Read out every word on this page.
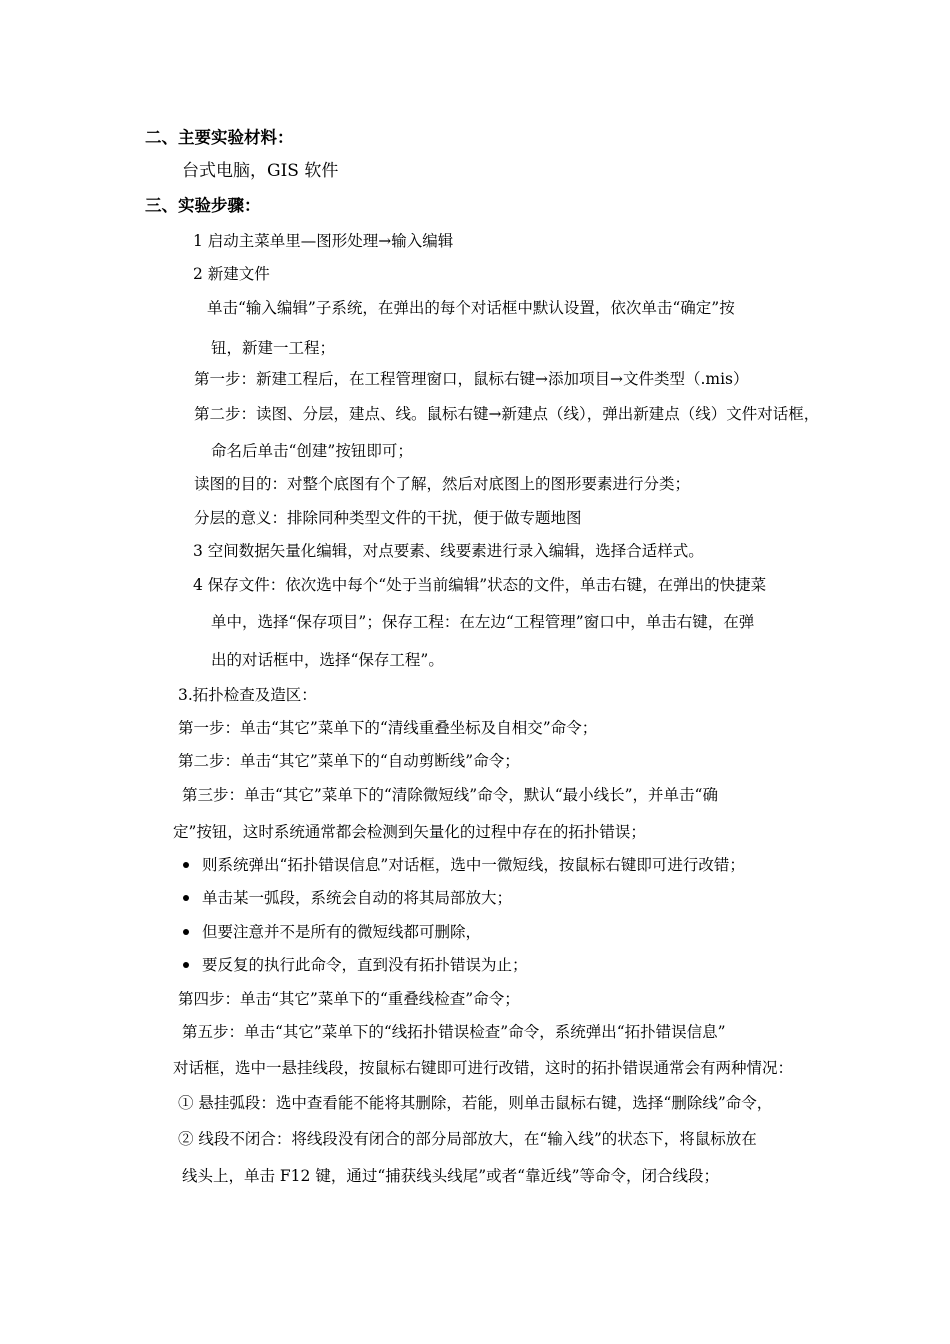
二、主要实验材料：
台式电脑，GIS 软件
三、实验步骤：
1 启动主菜单里—图形处理→输入编辑
2 新建文件
单击“输入编辑”子系统，在弹出的每个对话框中默认设置，依次单击“确定”按
钮，新建一工程；
第一步：新建工程后，在工程管理窗口，鼠标右键→添加项目→文件类型（.mis）
第二步：读图、分层，建点、线。鼠标右键→新建点（线），弹出新建点（线）文件对话框，
命名后单击“创建”按钮即可；
读图的目的：对整个底图有个了解，然后对底图上的图形要素进行分类；
分层的意义：排除同种类型文件的干扰，便于做专题地图
3 空间数据矢量化编辑，对点要素、线要素进行录入编辑，选择合适样式。
4 保存文件：依次选中每个“处于当前编辑”状态的文件，单击右键，在弹出的快捷菜
单中，选择“保存项目”；保存工程：在左边“工程管理”窗口中，单击右键，在弹
出的对话框中，选择“保存工程”。
3.拓扑检查及造区：
第一步：单击“其它”菜单下的“清线重叠坐标及自相交”命令；
第二步：单击“其它”菜单下的“自动剪断线”命令；
第三步：单击“其它”菜单下的“清除微短线”命令，默认“最小线长”，并单击“确
定”按钮，这时系统通常都会检测到矢量化的过程中存在的拓扑错误；
则系统弹出“拓扑错误信息”对话框，选中一微短线，按鼠标右键即可进行改错；
单击某一弧段，系统会自动的将其局部放大；
但要注意并不是所有的微短线都可删除，
要反复的执行此命令，直到没有拓扑错误为止；
第四步：单击“其它”菜单下的“重叠线检查”命令；
第五步：单击“其它”菜单下的“线拓扑错误检查”命令，系统弹出“拓扑错误信息”
对话框，选中一悬挂线段，按鼠标右键即可进行改错，这时的拓扑错误通常会有两种情况：
① 悬挂弧段：选中查看能不能将其删除，若能，则单击鼠标右键，选择“删除线”命令，
② 线段不闭合：将线段没有闭合的部分局部放大，在“输入线”的状态下，将鼠标放在
线头上，单击 F12 键，通过“捕获线头线尾”或者“靠近线”等命令，闭合线段；
